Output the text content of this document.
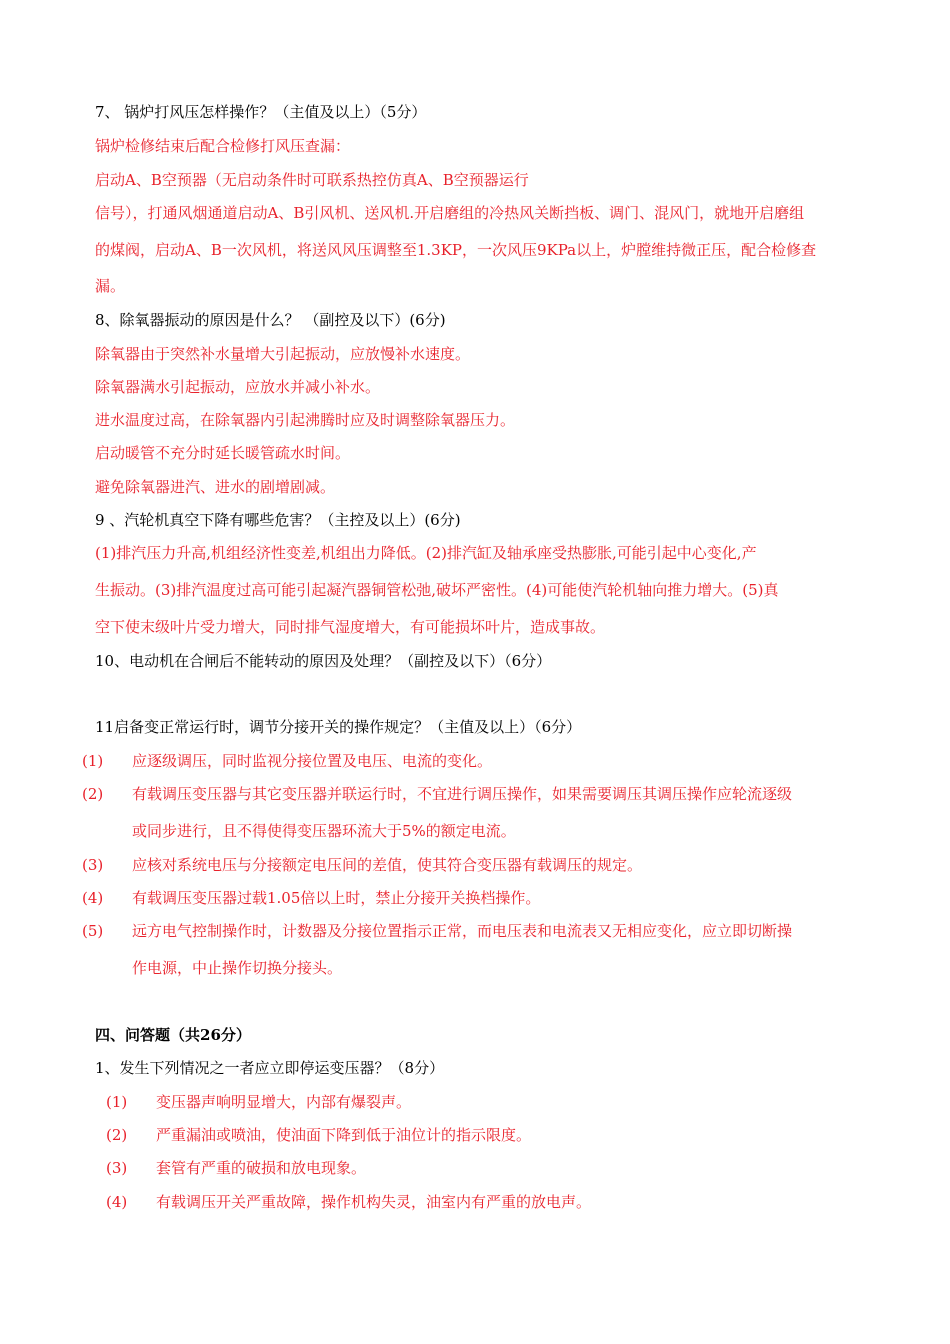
7、 锅炉打风压怎样操作？（主值及以上）（5分）
锅炉检修结束后配合检修打风压查漏：
启动A、B空预器（无启动条件时可联系热控仿真A、B空预器运行
信号），打通风烟通道启动A、B引风机、送风机.开启磨组的冷热风关断挡板、调门、混风门，就地开启磨组
的煤阀，启动A、B一次风机，将送风风压调整至1.3KP，一次风压9KPa以上，炉膛维持微正压，配合检修查
漏。
8、除氧器振动的原因是什么？ （副控及以下）(6分)
除氧器由于突然补水量增大引起振动，应放慢补水速度。
除氧器满水引起振动，应放水并减小补水。
进水温度过高，在除氧器内引起沸腾时应及时调整除氧器压力。
启动暖管不充分时延长暖管疏水时间。
避免除氧器进汽、进水的剧增剧减。
9 、汽轮机真空下降有哪些危害？（主控及以上）(6分)
(1)排汽压力升高,机组经济性变差,机组出力降低。(2)排汽缸及轴承座受热膨胀,可能引起中心变化,产
生振动。(3)排汽温度过高可能引起凝汽器铜管松弛,破坏严密性。(4)可能使汽轮机轴向推力增大。(5)真
空下使末级叶片受力增大，同时排气湿度增大，有可能损坏叶片，造成事故。
10、电动机在合闸后不能转动的原因及处理？（副控及以下）（6分）
11启备变正常运行时，调节分接开关的操作规定？（主值及以上）（6分）
(1) 应逐级调压，同时监视分接位置及电压、电流的变化。
(2) 有载调压变压器与其它变压器并联运行时，不宜进行调压操作，如果需要调压其调压操作应轮流逐级
或同步进行，且不得使得变压器环流大于5%的额定电流。
(3) 应核对系统电压与分接额定电压间的差值，使其符合变压器有载调压的规定。
(4) 有载调压变压器过载1.05倍以上时，禁止分接开关换档操作。
(5) 远方电气控制操作时，计数器及分接位置指示正常，而电压表和电流表又无相应变化，应立即切断操
作电源，中止操作切换分接头。
四、问答题（共26分）
1、发生下列情况之一者应立即停运变压器？（8分）
(1) 变压器声响明显增大，内部有爆裂声。
(2) 严重漏油或喷油，使油面下降到低于油位计的指示限度。
(3) 套管有严重的破损和放电现象。
(4) 有载调压开关严重故障，操作机构失灵，油室内有严重的放电声。
